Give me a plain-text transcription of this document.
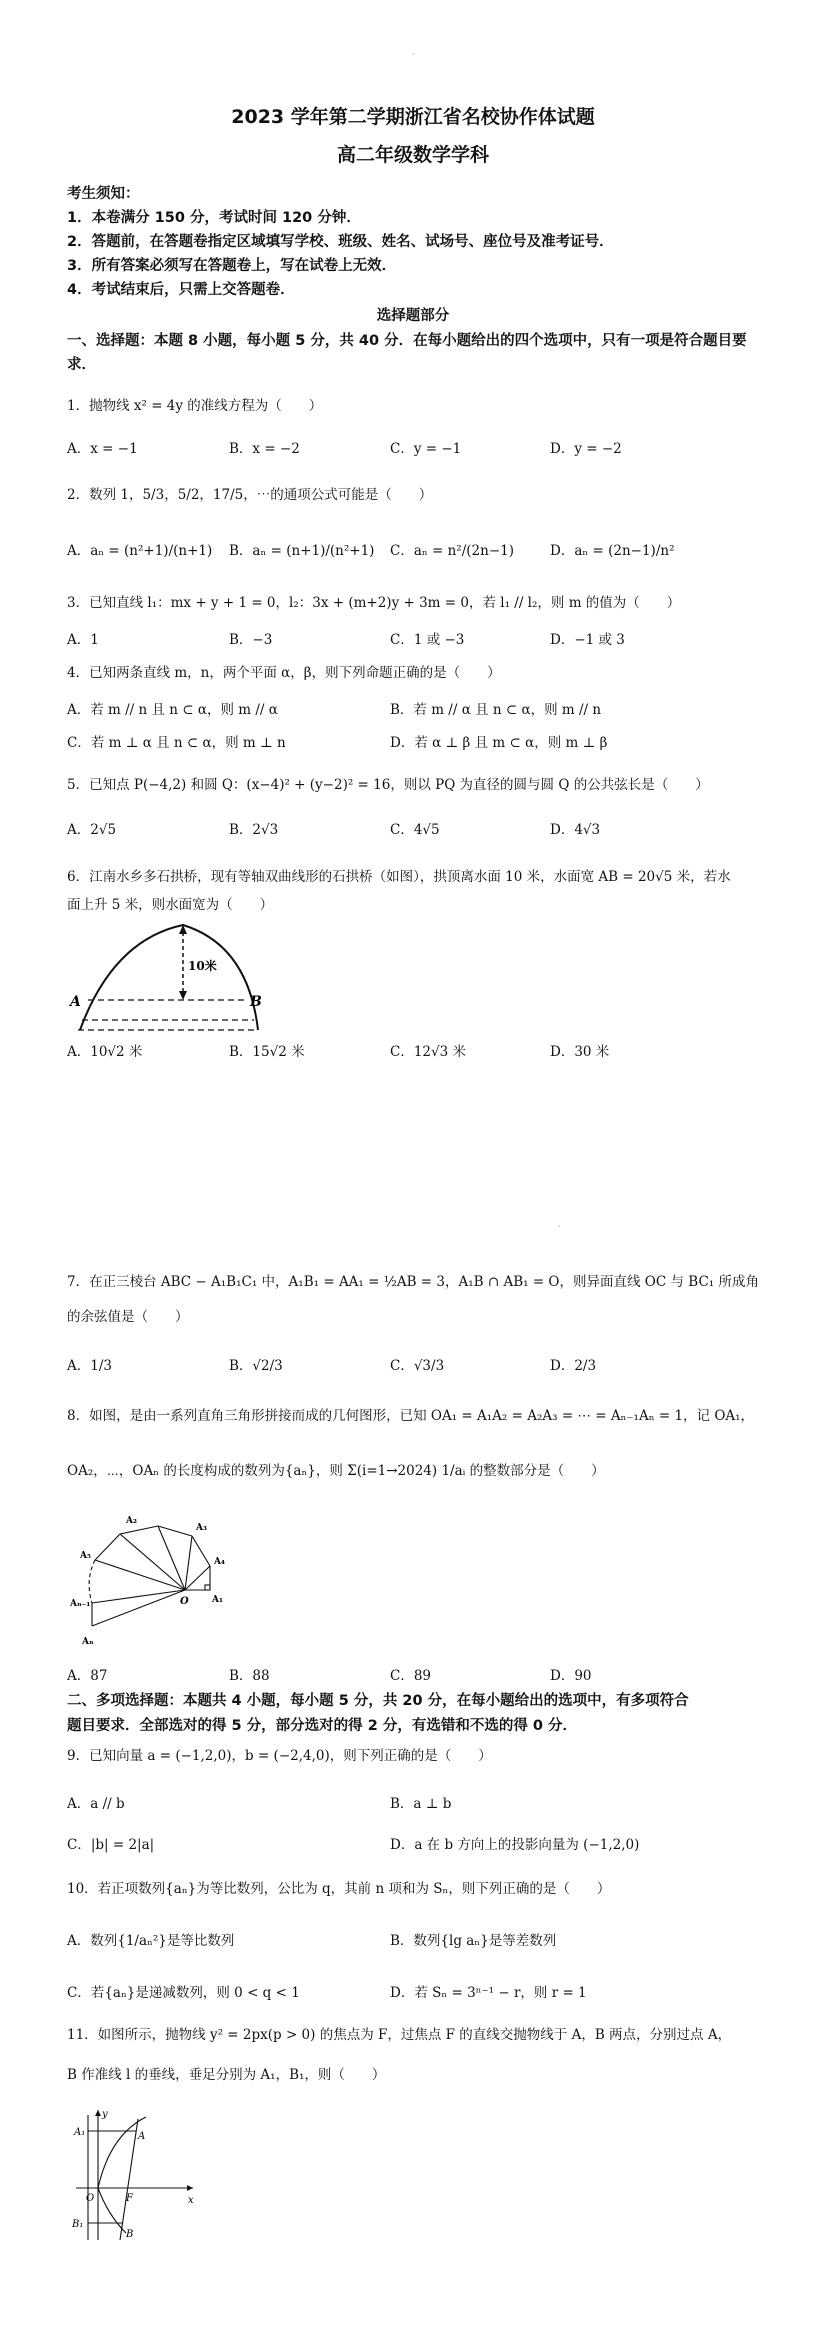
·
2023 学年第二学期浙江省名校协作体试题
高二年级数学学科
考生须知：
1．本卷满分 150 分，考试时间 120 分钟．
2．答题前，在答题卷指定区域填写学校、班级、姓名、试场号、座位号及准考证号．
3．所有答案必须写在答题卷上，写在试卷上无效．
4．考试结束后，只需上交答题卷．
选择题部分
一、选择题：本题 8 小题，每小题 5 分，共 40 分．在每小题给出的四个选项中，只有一项是符合题目要求．
1．抛物线 x² = 4y 的准线方程为（　　）
A．x = −1	B．x = −2	C．y = −1	D．y = −2
2．数列 1，5/3，5/2，17/5，⋯的通项公式可能是（　　）
A．aₙ = (n²+1)/(n+1) B．aₙ = (n+1)/(n²+1) C．aₙ = n²/(2n−1)	D．aₙ = (2n−1)/n²
3．已知直线 l₁：mx + y + 1 = 0，l₂：3x + (m+2)y + 3m = 0，若 l₁ // l₂，则 m 的值为（　　）
A．1	B．−3	C．1 或 −3	D．−1 或 3
4．已知两条直线 m，n，两个平面 α，β，则下列命题正确的是（　　）
A．若 m // n 且 n ⊂ α，则 m // α	B．若 m // α 且 n ⊂ α，则 m // n
C．若 m ⊥ α 且 n ⊂ α，则 m ⊥ n	D．若 α ⊥ β 且 m ⊂ α，则 m ⊥ β
5．已知点 P(−4,2) 和圆 Q：(x−4)² + (y−2)² = 16，则以 PQ 为直径的圆与圆 Q 的公共弦长是（　　）
A．2√5	B．2√3	C．4√5	D．4√3
6．江南水乡多石拱桥，现有等轴双曲线形的石拱桥（如图），拱顶离水面 10 米，水面宽 AB = 20√5 米，若水
面上升 5 米，则水面宽为（　　）
10米
A	B
A．10√2 米	B．15√2 米	C．12√3 米	D．30 米
·
7．在正三棱台 ABC − A₁B₁C₁ 中，A₁B₁ = AA₁ = ½AB = 3，A₁B ∩ AB₁ = O，则异面直线 OC 与 BC₁ 所成角
的余弦值是（　　）
A．1/3	B．√2/3	C．√3/3	D．2/3
8．如图，是由一系列直角三角形拼接而成的几何图形，已知 OA₁ = A₁A₂ = A₂A₃ = ⋯ = Aₙ₋₁Aₙ = 1，记 OA₁，
OA₂，⋯，OAₙ 的长度构成的数列为{aₙ}，则 Σ(i=1→2024) 1/aᵢ 的整数部分是（　　）
A₂
A₃
A₄
A₁
A₅
O
Aₙ₋₁
Aₙ
A．87	B．88	C．89	D．90
二、多项选择题：本题共 4 小题，每小题 5 分，共 20 分，在每小题给出的选项中，有多项符合
题目要求．全部选对的得 5 分，部分选对的得 2 分，有选错和不选的得 0 分．
9．已知向量 a = (−1,2,0)，b = (−2,4,0)，则下列正确的是（　　）
A．a // b	B．a ⊥ b
C．|b| = 2|a|	D．a 在 b 方向上的投影向量为 (−1,2,0)
10．若正项数列{aₙ}为等比数列，公比为 q，其前 n 项和为 Sₙ，则下列正确的是（　　）
A．数列{1/aₙ²}是等比数列	B．数列{lg aₙ}是等差数列
C．若{aₙ}是递减数列，则 0 < q < 1	D．若 Sₙ = 3ⁿ⁻¹ − r，则 r = 1
11．如图所示，抛物线 y² = 2px(p > 0) 的焦点为 F，过焦点 F 的直线交抛物线于 A，B 两点，分别过点 A，
B 作准线 l 的垂线，垂足分别为 A₁，B₁，则（　　）
y
A₁	A
O	F	x
B₁
B
